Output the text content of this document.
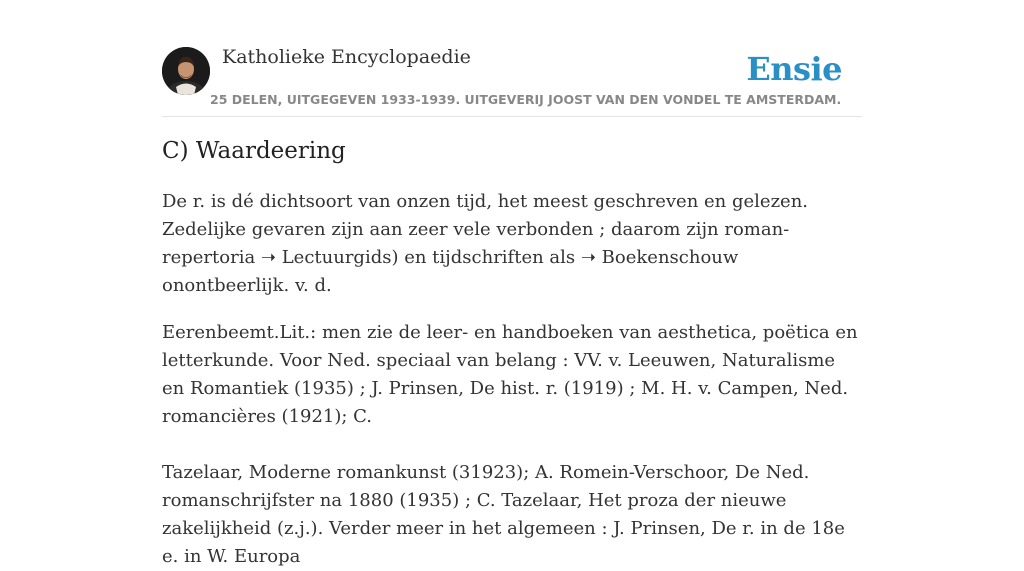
Katholieke Encyclopaedie	Ensie
25 DELEN, UITGEGEVEN 1933-1939. UITGEVERIJ JOOST VAN DEN VONDEL TE AMSTERDAM.
C) Waardeering

De r. is dé dichtsoort van onzen tijd, het meest geschreven en gelezen. Zedelijke gevaren zijn aan zeer vele verbonden ; daarom zijn roman-repertoria ➝ Lectuurgids) en tijdschriften als ➝ Boekenschouw onontbeerlijk. v. d.

Eerenbeemt.Lit.: men zie de leer- en handboeken van aesthetica, poëtica en letterkunde. Voor Ned. speciaal van belang : VV. v. Leeuwen, Naturalisme en Romantiek (1935) ; J. Prinsen, De hist. r. (1919) ; M. H. v. Campen, Ned. romancières (1921); C.

Tazelaar, Moderne romankunst (31923); A. Romein-Verschoor, De Ned. romanschrijfster na 1880 (1935) ; C. Tazelaar, Het proza der nieuwe zakelijkheid (z.j.). Verder meer in het algemeen : J. Prinsen, De r. in de 18e e. in W. Europa
